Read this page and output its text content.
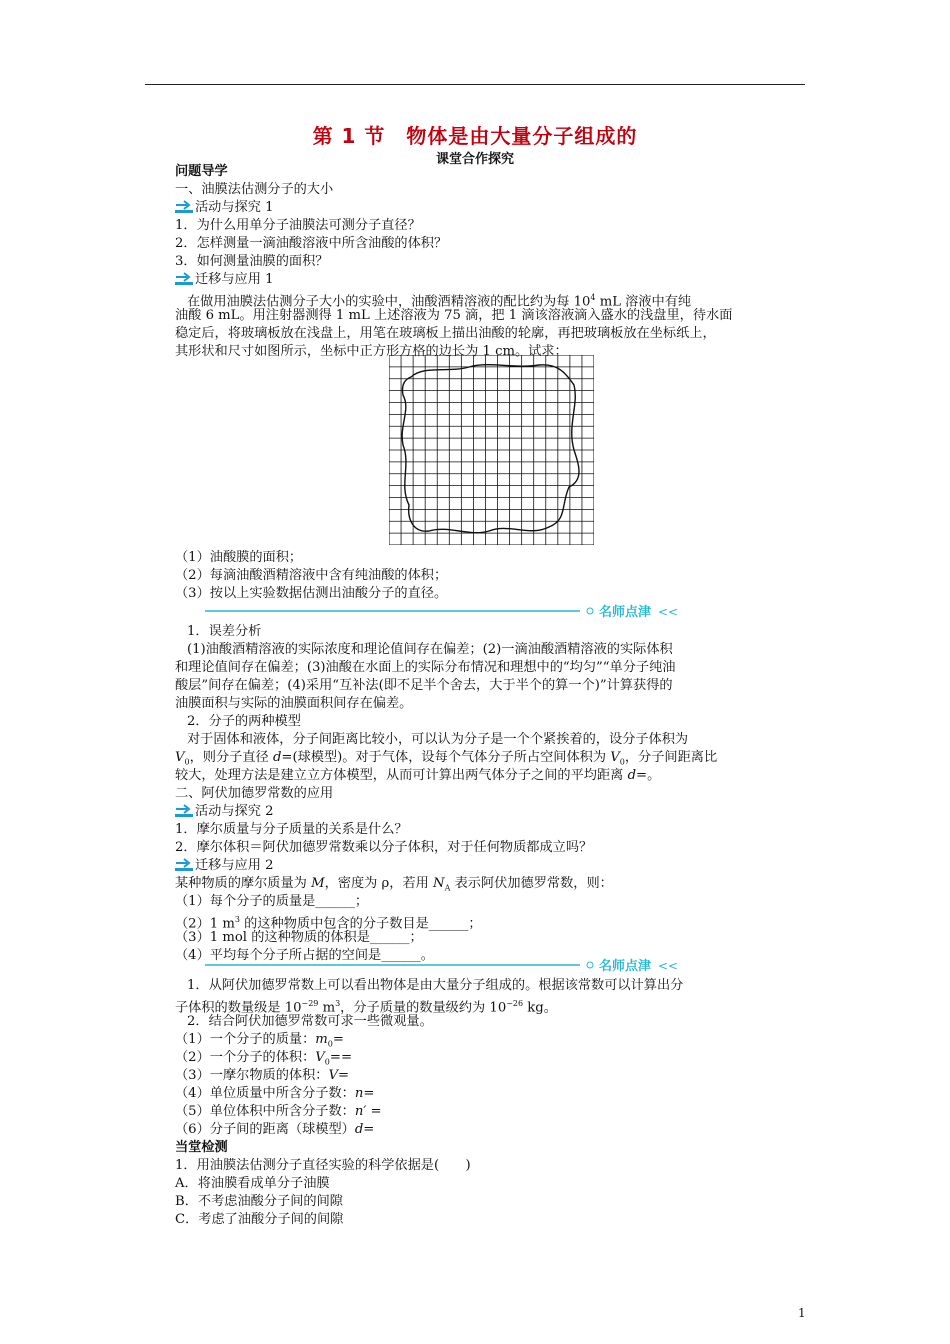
第 1 节　物体是由大量分子组成的
课堂合作探究
问题导学
一、油膜法估测分子的大小
活动与探究 1
1．为什么用单分子油膜法可测分子直径？
2．怎样测量一滴油酸溶液中所含油酸的体积？
3．如何测量油膜的面积？
迁移与应用 1
在做用油膜法估测分子大小的实验中，油酸酒精溶液的配比约为每 $10^4$ mL 溶液中有纯
油酸 6 mL。用注射器测得 1 mL 上述溶液为 75 滴，把 1 滴该溶液滴入盛水的浅盘里，待水面
稳定后，将玻璃板放在浅盘上，用笔在玻璃板上描出油酸的轮廓，再把玻璃板放在坐标纸上，
其形状和尺寸如图所示，坐标中正方形方格的边长为 1 cm。试求：
（1）油酸膜的面积；
（2）每滴油酸酒精溶液中含有纯油酸的体积；
（3）按以上实验数据估测出油酸分子的直径。
名师点津 <<
1．误差分析
(1)油酸酒精溶液的实际浓度和理论值间存在偏差；(2)一滴油酸酒精溶液的实际体积
和理论值间存在偏差；(3)油酸在水面上的实际分布情况和理想中的“均匀”“单分子纯油
酸层”间存在偏差；(4)采用“互补法(即不足半个舍去，大于半个的算一个)”计算获得的
油膜面积与实际的油膜面积间存在偏差。
2．分子的两种模型
对于固体和液体，分子间距离比较小，可以认为分子是一个个紧挨着的，设分子体积为
$V_0$，则分子直径 d=(球模型)。对于气体，设每个气体分子所占空间体积为 $V_0$，分子间距离比
较大，处理方法是建立立方体模型，从而可计算出两气体分子之间的平均距离 d=。
二、阿伏加德罗常数的应用
活动与探究 2
1．摩尔质量与分子质量的关系是什么？
2．摩尔体积＝阿伏加德罗常数乘以分子体积，对于任何物质都成立吗？
迁移与应用 2
某种物质的摩尔质量为 M，密度为 ρ，若用 $N_A$ 表示阿伏加德罗常数，则：
（1）每个分子的质量是______；
（2）1 $m^3$ 的这种物质中包含的分子数目是______；
（3）1 mol 的这种物质的体积是______；
（4）平均每个分子所占据的空间是______。
名师点津 <<
1．从阿伏加德罗常数上可以看出物体是由大量分子组成的。根据该常数可以计算出分
子体积的数量级是 $10^{-29}$ $m^3$，分子质量的数量级约为 $10^{-26}$ kg。
2．结合阿伏加德罗常数可求一些微观量。
（1）一个分子的质量：$m_0=$
（2）一个分子的体积：$V_0==$
（3）一摩尔物质的体积：V=
（4）单位质量中所含分子数：n=
（5）单位体积中所含分子数：n′ =
（6）分子间的距离（球模型）d=
当堂检测
1．用油膜法估测分子直径实验的科学依据是(　　)
A．将油膜看成单分子油膜
B．不考虑油酸分子间的间隙
C．考虑了油酸分子间的间隙
1
